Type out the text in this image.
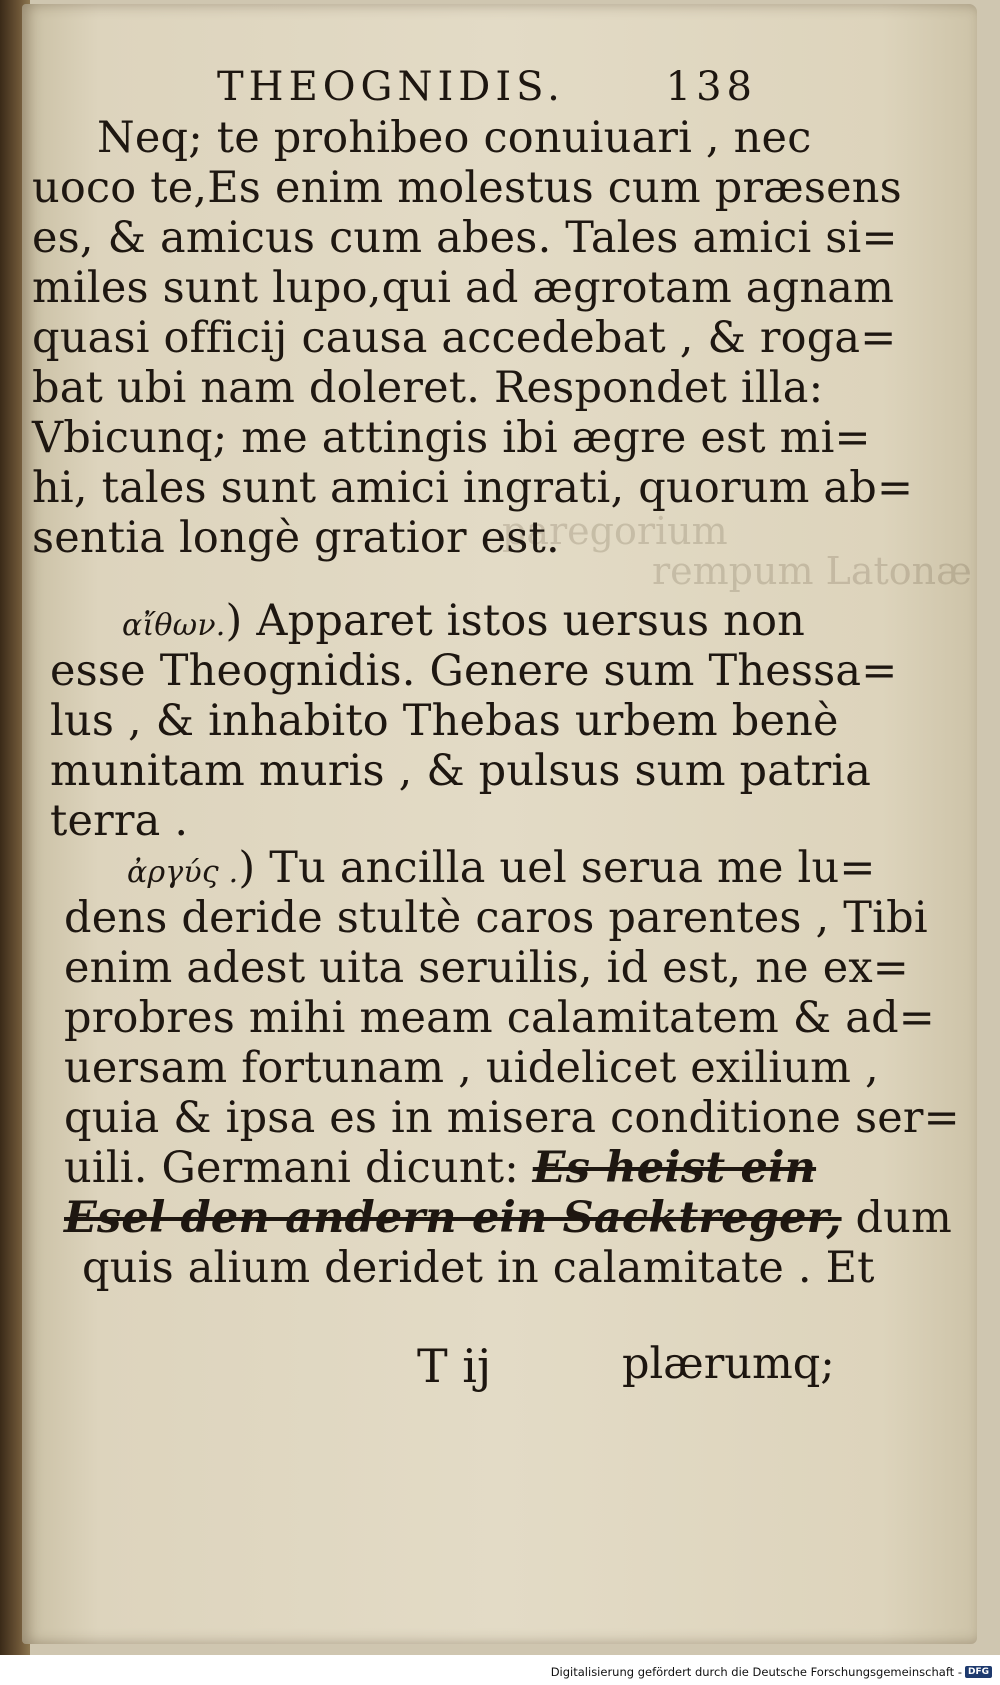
THEOGNIDIS.	138
paregorium
rempum Latonæ
Neq; te prohibeo conuiuari , nec
uoco te,Es enim molestus cum præsens
es, & amicus cum abes. Tales amici si=
miles sunt lupo,qui ad ægrotam agnam
quasi officij causa accedebat , & roga=
bat ubi nam doleret. Respondet illa:
Vbicunq; me attingis ibi ægre est mi=
hi, tales sunt amici ingrati, quorum ab=
sentia longè gratior est.
αἴθων.) Apparet istos uersus non
esse Theognidis. Genere sum Thessa=
lus , & inhabito Thebas urbem benè
munitam muris , & pulsus sum patria
terra .
ἀργύς .) Tu ancilla uel serua me lu=
dens deride stultè caros parentes , Tibi
enim adest uita seruilis, id est, ne ex=
probres mihi meam calamitatem & ad=
uersam fortunam , uidelicet exilium ,
quia & ipsa es in misera conditione ser=
uili. Germani dicunt: Es heist ein
Esel den andern ein Sacktreger, dum
quis alium deridet in calamitate . Et
T ij	plærumq;
Digitalisierung gefördert durch die Deutsche Forschungsgemeinschaft - DFG
